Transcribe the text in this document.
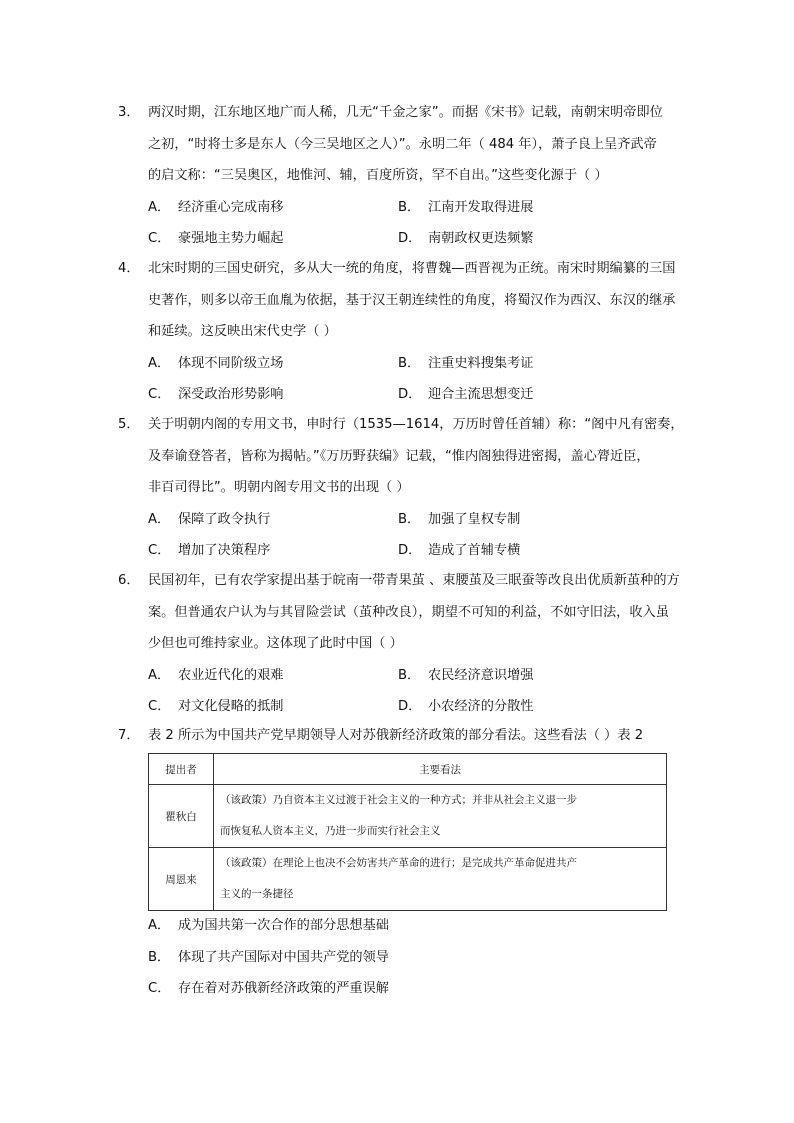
3． 两汉时期，江东地区地广而人稀，几无“千金之家”。而据《宋书》记载，南朝宋明帝即位
之初，“时将士多是东人（今三吴地区之人）”。永明二年（ 484 年），萧子良上呈齐武帝
的启文称：“三吴奥区，地惟河、辅，百度所资，罕不自出。”这些变化源于（ ）
A． 经济重心完成南移	B． 江南开发取得进展
C． 豪强地主势力崛起	D． 南朝政权更迭频繁
4． 北宋时期的三国史研究，多从大一统的角度，将曹魏—西晋视为正统。南宋时期编纂的三国
史著作，则多以帝王血胤为依据，基于汉王朝连续性的角度，将蜀汉作为西汉、东汉的继承
和延续。这反映出宋代史学（ ）
A． 体现不同阶级立场	B． 注重史料搜集考证
C． 深受政治形势影响	D． 迎合主流思想变迁
5． 关于明朝内阁的专用文书，申时行（1535—1614，万历时曾任首辅）称：“阁中凡有密奏，
及奉谕登答者，皆称为揭帖。”《万历野获编》记载，“惟内阁独得进密揭，盖心膂近臣，
非百司得比”。明朝内阁专用文书的出现（ ）
A． 保障了政令执行	B． 加强了皇权专制
C． 增加了决策程序	D． 造成了首辅专横
6． 民国初年，已有农学家提出基于皖南一带青果茧 、束腰茧及三眠蚕等改良出优质新茧种的方
案。但普通农户认为与其冒险尝试（茧种改良），期望不可知的利益，不如守旧法，收入虽
少但也可维持家业。这体现了此时中国（ ）
A． 农业近代化的艰难	B． 农民经济意识增强
C． 对文化侵略的抵制	D． 小农经济的分散性
7． 表 2 所示为中国共产党早期领导人对苏俄新经济政策的部分看法。这些看法（ ）表 2
提出者	主要看法
瞿秋白	（该政策）乃自资本主义过渡于社会主义的一种方式；并非从社会主义退一步
而恢复私人资本主义，乃进一步而实行社会主义

周恩来	（该政策）在理论上也决不会妨害共产革命的进行；是完成共产革命促进共产
主义的一条捷径
A． 成为国共第一次合作的部分思想基础
B． 体现了共产国际对中国共产党的领导
C． 存在着对苏俄新经济政策的严重误解
